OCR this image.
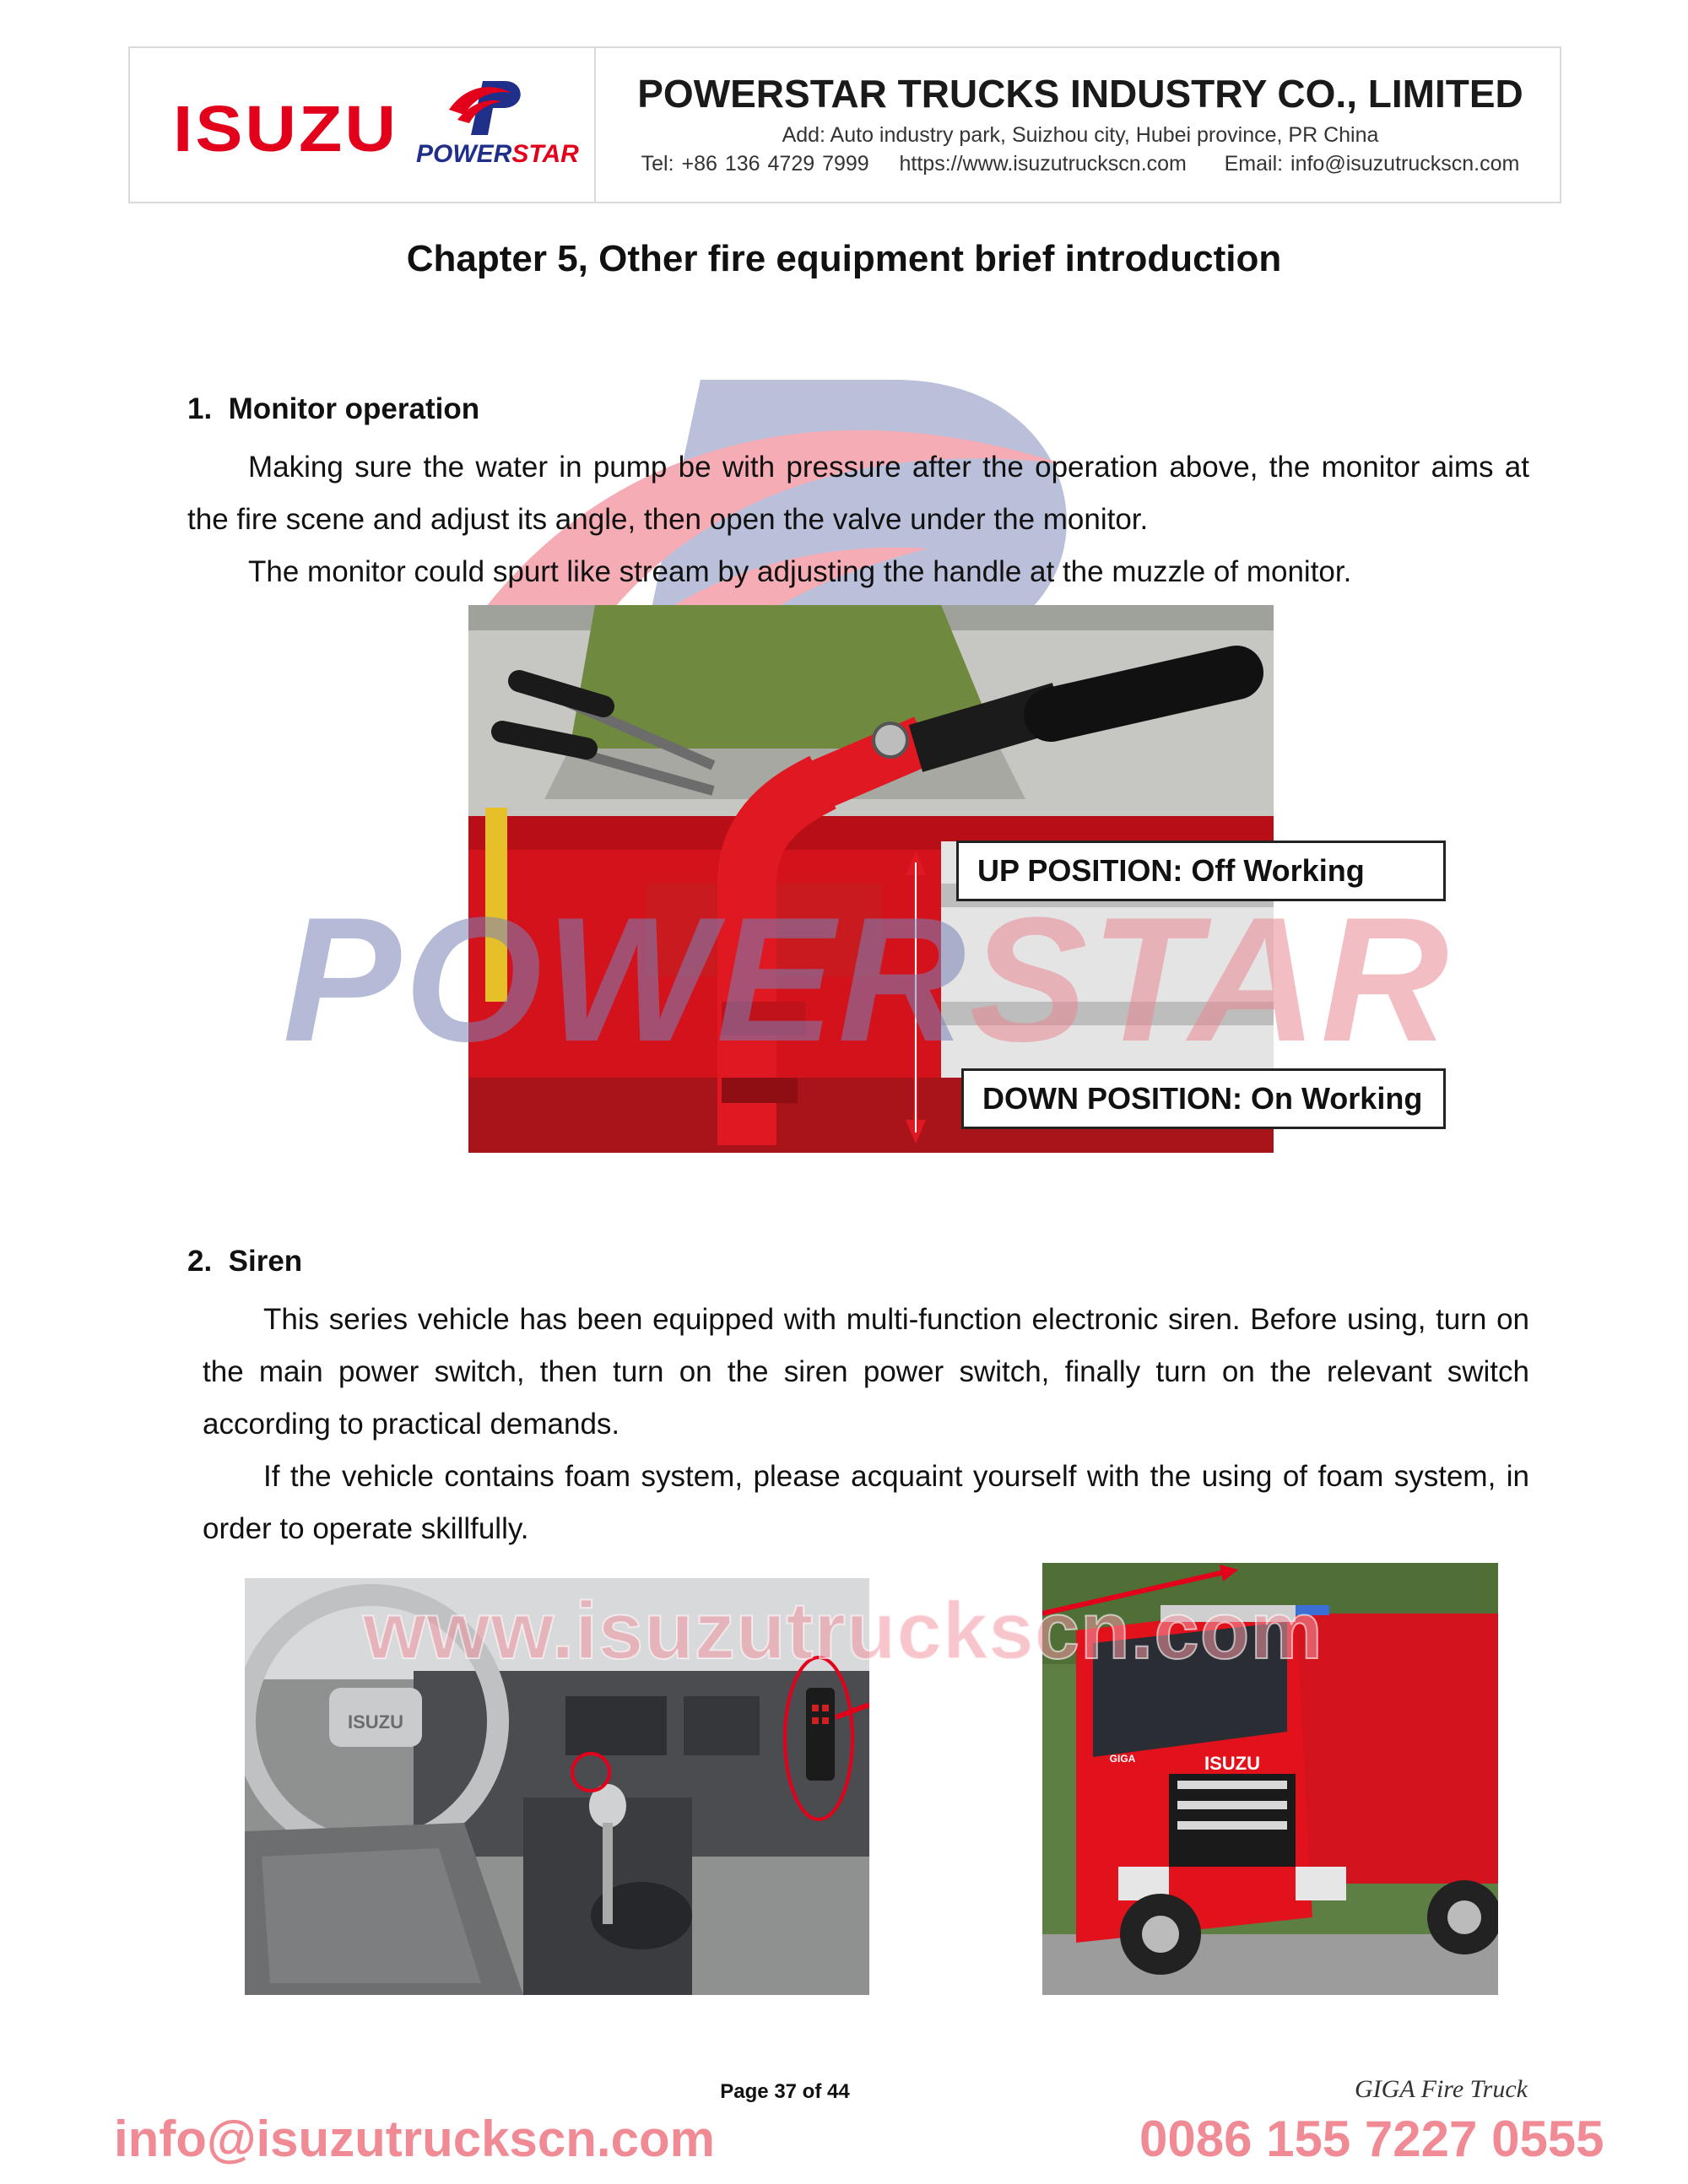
ISUZU POWERSTAR
POWERSTAR TRUCKS INDUSTRY CO., LIMITED
Add: Auto industry park, Suizhou city, Hubei province, PR China
Tel: +86 136 4729 7999 https://www.isuzutruckscn.com Email: info@isuzutruckscn.com
Chapter 5, Other fire equipment brief introduction
1. Monitor operation
Making sure the water in pump be with pressure after the operation above, the monitor aims at the fire scene and adjust its angle, then open the valve under the monitor.
The monitor could spurt like stream by adjusting the handle at the muzzle of monitor.
UP POSITION: Off Working
DOWN POSITION: On Working
POWERSTAR
2. Siren
This series vehicle has been equipped with multi-function electronic siren. Before using, turn on the main power switch, then turn on the siren power switch, finally turn on the relevant switch according to practical demands.
If the vehicle contains foam system, please acquaint yourself with the using of foam system, in order to operate skillfully.
ISUZU
ISUZU
GIGA
www.isuzutruckscn.com
Page 37 of 44	GIGA Fire Truck
info@isuzutruckscn.com	0086 155 7227 0555
